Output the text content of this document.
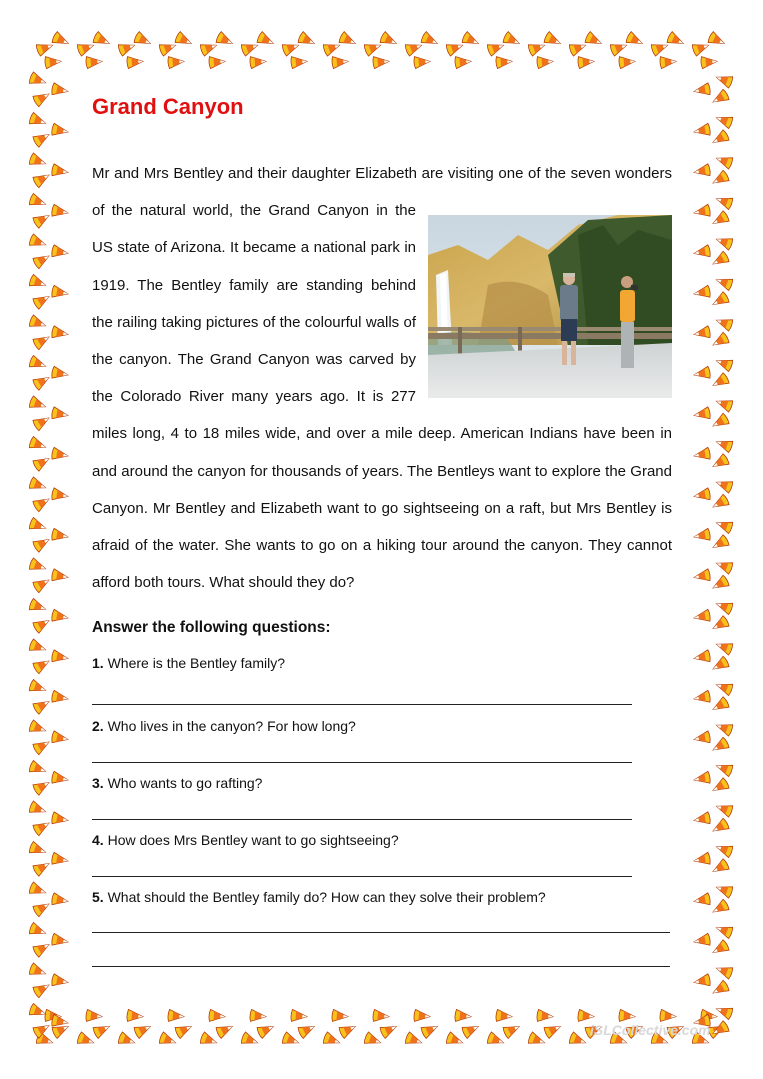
Grand Canyon
Mr and Mrs Bentley and their daughter Elizabeth are visiting one of the seven
wonders of the natural world, the Grand Canyon in the US state of Arizona. It became a national park in 1919. The Bentley family are standing behind the railing taking pictures of the colourful walls of the canyon. The Grand Canyon was carved by the Colorado River many years ago. It is 277 miles long, 4 to 18 miles wide, and over a mile deep. American Indians have been in and around the canyon for thousands of years. The Bentleys want to explore the Grand Canyon. Mr Bentley and Elizabeth want to go sightseeing on a raft, but Mrs Bentley is afraid of the water. She wants to go on a hiking tour around the canyon. They cannot afford both tours. What should they do?
Answer the following questions:

1. Where is the Bentley family?

2. Who lives in the canyon? For how long?

3. Who wants to go rafting?

4. How does Mrs Bentley want to go sightseeing?

5. What should the Bentley family do? How can they solve their problem?

iSLCollective.com
